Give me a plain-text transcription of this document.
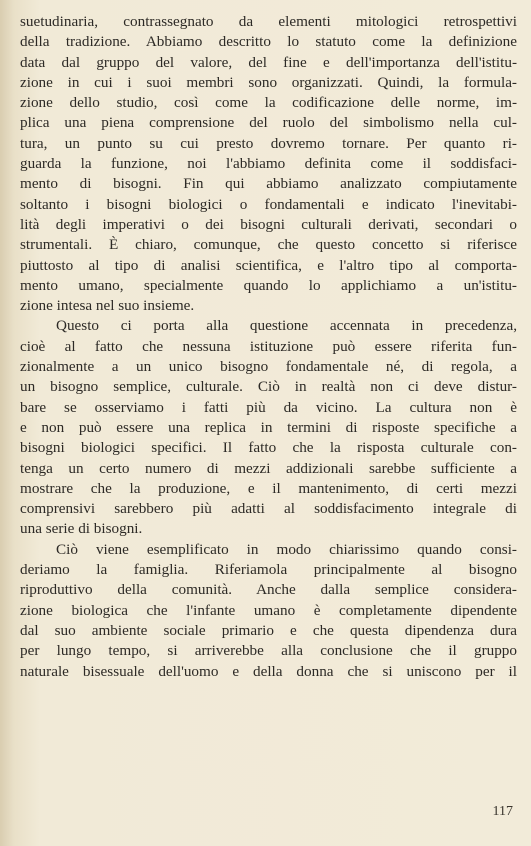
suetudinaria, contrassegnato da elementi mitologici retrospettivi
della tradizione. Abbiamo descritto lo statuto come la definizione
data dal gruppo del valore, del fine e dell'importanza dell'istitu-
zione in cui i suoi membri sono organizzati. Quindi, la formula-
zione dello studio, così come la codificazione delle norme, im-
plica una piena comprensione del ruolo del simbolismo nella cul-
tura, un punto su cui presto dovremo tornare. Per quanto ri-
guarda la funzione, noi l'abbiamo definita come il soddisfaci-
mento di bisogni. Fin qui abbiamo analizzato compiutamente
soltanto i bisogni biologici o fondamentali e indicato l'inevitabi-
lità degli imperativi o dei bisogni culturali derivati, secondari o
strumentali. È chiaro, comunque, che questo concetto si riferisce
piuttosto al tipo di analisi scientifica, e l'altro tipo al comporta-
mento umano, specialmente quando lo applichiamo a un'istitu-
zione intesa nel suo insieme.
Questo ci porta alla questione accennata in precedenza,
cioè al fatto che nessuna istituzione può essere riferita fun-
zionalmente a un unico bisogno fondamentale né, di regola, a
un bisogno semplice, culturale. Ciò in realtà non ci deve distur-
bare se osserviamo i fatti più da vicino. La cultura non è
e non può essere una replica in termini di risposte specifiche a
bisogni biologici specifici. Il fatto che la risposta culturale con-
tenga un certo numero di mezzi addizionali sarebbe sufficiente a
mostrare che la produzione, e il mantenimento, di certi mezzi
comprensivi sarebbero più adatti al soddisfacimento integrale di
una serie di bisogni.
Ciò viene esemplificato in modo chiarissimo quando consi-
deriamo la famiglia. Riferiamola principalmente al bisogno
riproduttivo della comunità. Anche dalla semplice considera-
zione biologica che l'infante umano è completamente dipendente
dal suo ambiente sociale primario e che questa dipendenza dura
per lungo tempo, si arriverebbe alla conclusione che il gruppo
naturale bisessuale dell'uomo e della donna che si uniscono per il
117
